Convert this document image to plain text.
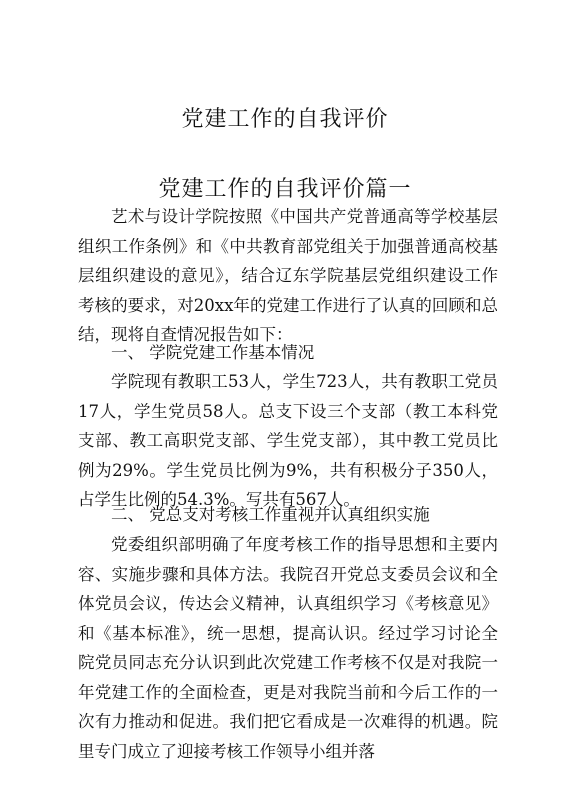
党建工作的自我评价
党建工作的自我评价篇一

艺术与设计学院按照《中国共产党普通高等学校基层组织工作条例》和《中共教育部党组关于加强普通高校基层组织建设的意见》，结合辽东学院基层党组织建设工作考核的要求，对20xx年的党建工作进行了认真的回顾和总结，现将自查情况报告如下：

一、 学院党建工作基本情况

学院现有教职工53人，学生723人，共有教职工党员17人，学生党员58人。总支下设三个支部（教工本科党支部、教工高职党支部、学生党支部），其中教工党员比例为29%。学生党员比例为9%，共有积极分子350人，占学生比例的54.3%。写共有567人。

二、 党总支对考核工作重视并认真组织实施

党委组织部明确了年度考核工作的指导思想和主要内容、实施步骤和具体方法。我院召开党总支委员会议和全体党员会议，传达会义精神，认真组织学习《考核意见》和《基本标准》，统一思想，提高认识。经过学习讨论全院党员同志充分认识到此次党建工作考核不仅是对我院一年党建工作的全面检查，更是对我院当前和今后工作的一次有力推动和促进。我们把它看成是一次难得的机遇。院里专门成立了迎接考核工作领导小组并落
